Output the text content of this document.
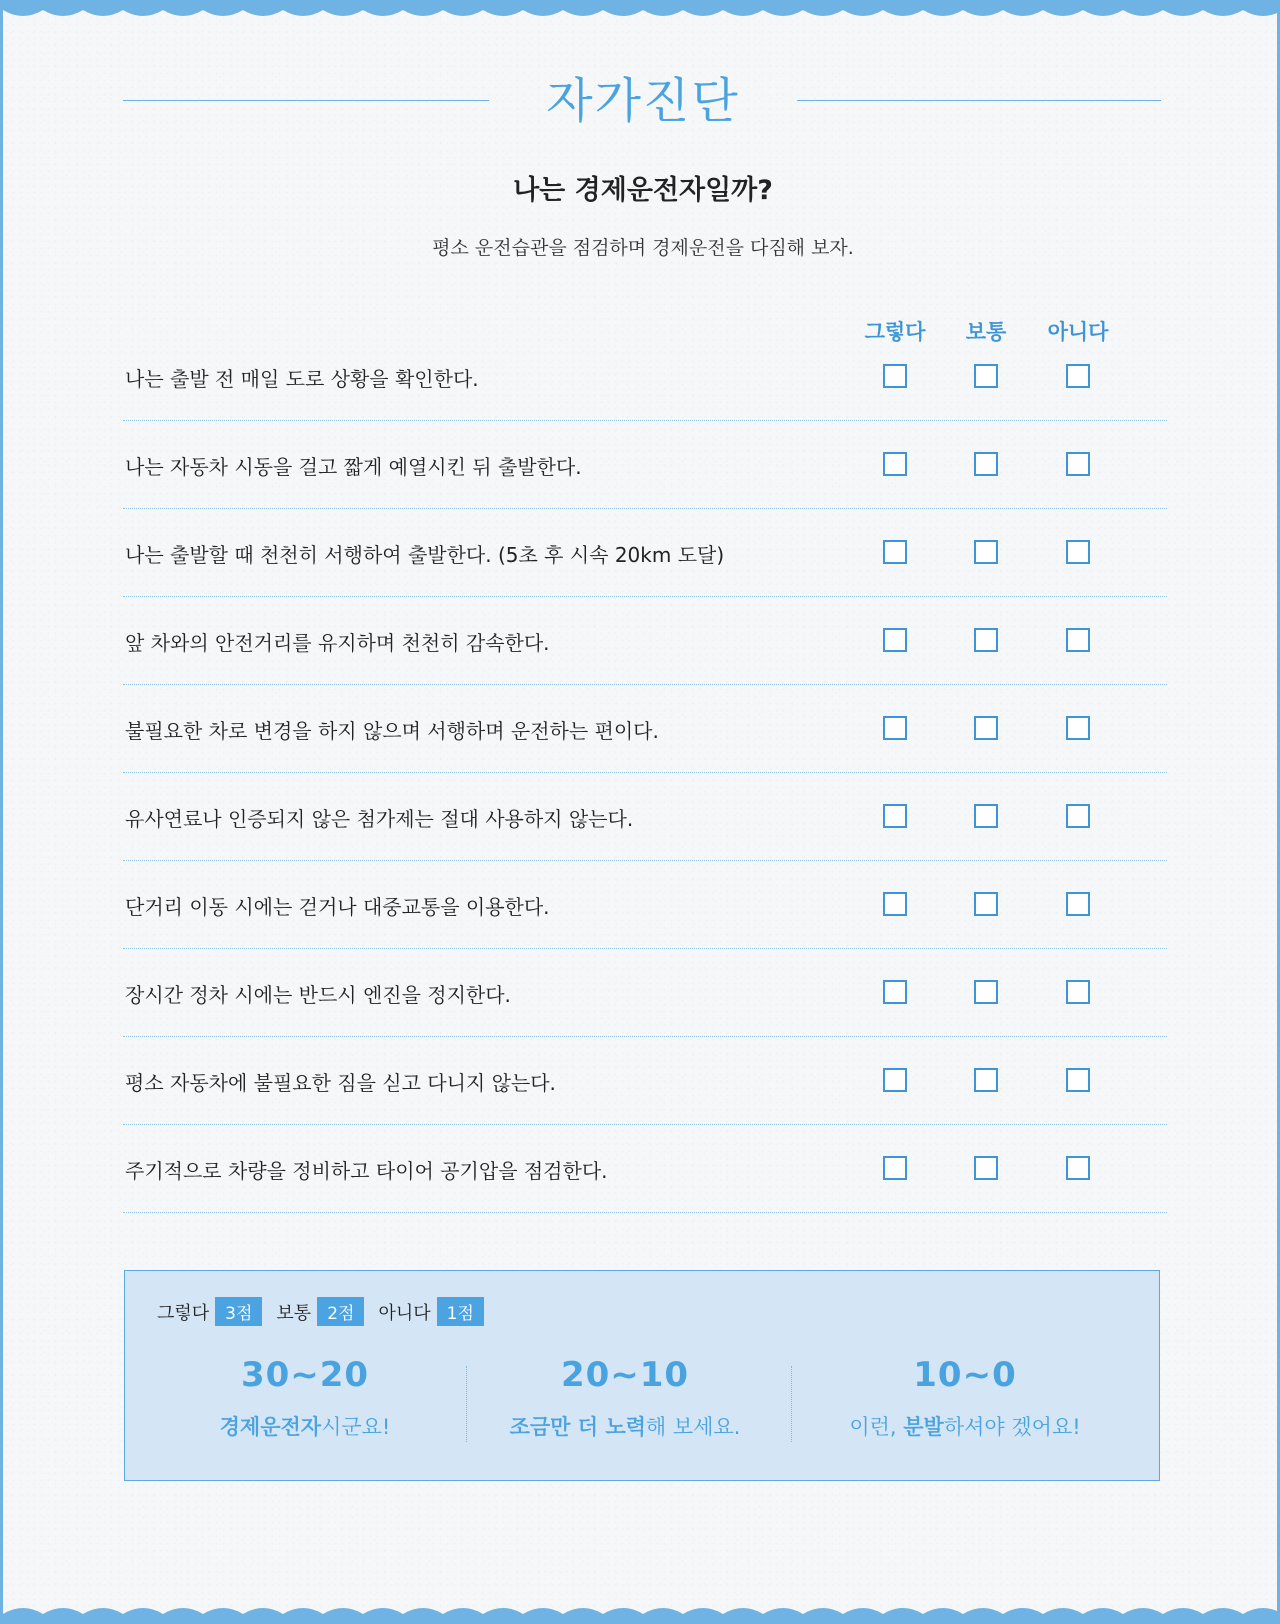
자가진단
나는 경제운전자일까?
평소 운전습관을 점검하며 경제운전을 다짐해 보자.
그렇다	보통	아니다
나는 출발 전 매일 도로 상황을 확인한다.
나는 자동차 시동을 걸고 짧게 예열시킨 뒤 출발한다.
나는 출발할 때 천천히 서행하여 출발한다. (5초 후 시속 20km 도달)
앞 차와의 안전거리를 유지하며 천천히 감속한다.
불필요한 차로 변경을 하지 않으며 서행하며 운전하는 편이다.
유사연료나 인증되지 않은 첨가제는 절대 사용하지 않는다.
단거리 이동 시에는 걷거나 대중교통을 이용한다.
장시간 정차 시에는 반드시 엔진을 정지한다.
평소 자동차에 불필요한 짐을 싣고 다니지 않는다.
주기적으로 차량을 정비하고 타이어 공기압을 점검한다.
그렇다 3점	보통 2점	아니다 1점
30~20
경제운전자시군요!
20~10
조금만 더 노력해 보세요.
10~0
이런, 분발하셔야 겠어요!
